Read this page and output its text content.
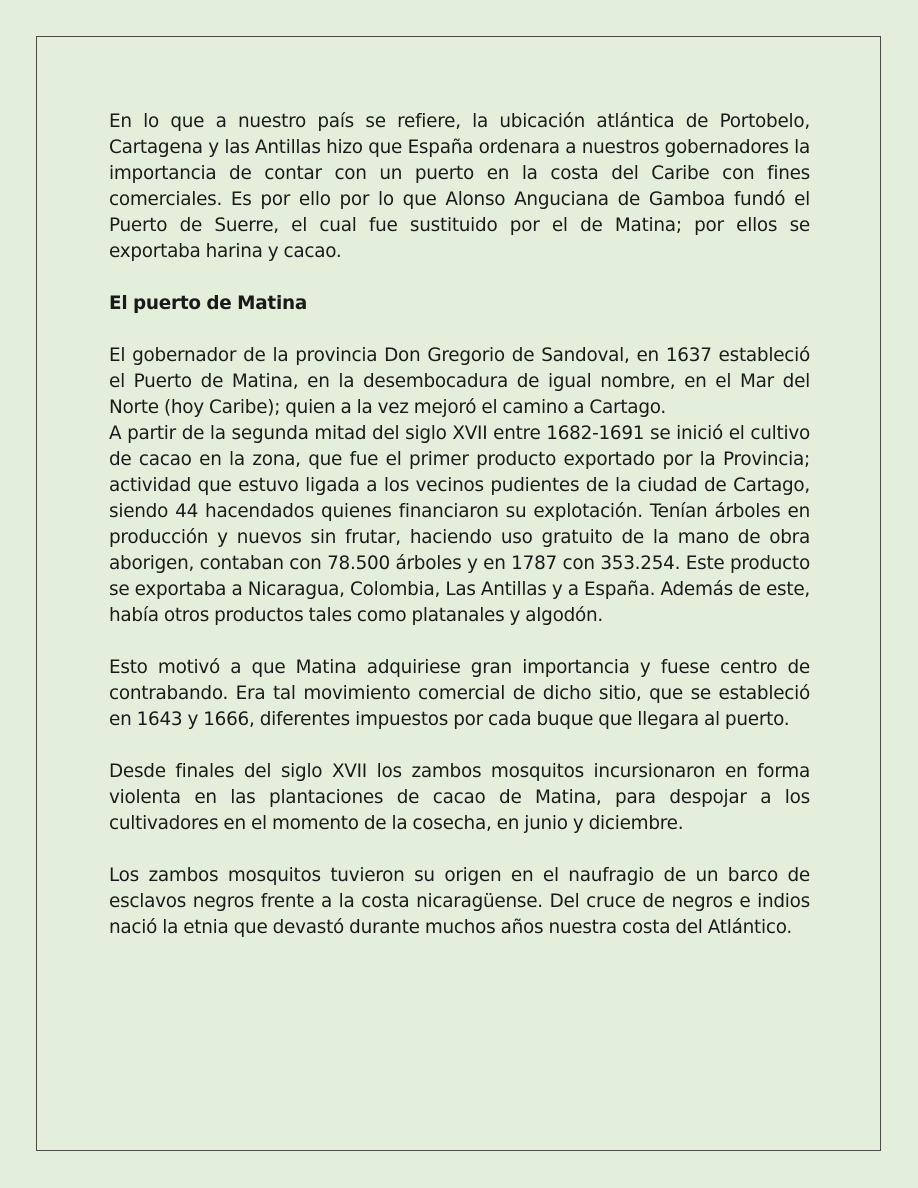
En lo que a nuestro país se refiere, la ubicación atlántica de Portobelo, Cartagena y las Antillas hizo que España ordenara a nuestros gobernadores la importancia de contar con un puerto en la costa del Caribe con fines comerciales. Es por ello por lo que Alonso Anguciana de Gamboa fundó el Puerto de Suerre, el cual fue sustituido por el de Matina; por ellos se exportaba harina y cacao.

El puerto de Matina

El gobernador de la provincia Don Gregorio de Sandoval, en 1637 estableció el Puerto de Matina, en la desembocadura de igual nombre, en el Mar del Norte (hoy Caribe); quien a la vez mejoró el camino a Cartago.

A partir de la segunda mitad del siglo XVII entre 1682-1691 se inició el cultivo de cacao en la zona, que fue el primer producto exportado por la Provincia; actividad que estuvo ligada a los vecinos pudientes de la ciudad de Cartago, siendo 44 hacendados quienes financiaron su explotación. Tenían árboles en producción y nuevos sin frutar, haciendo uso gratuito de la mano de obra aborigen, contaban con 78.500 árboles y en 1787 con 353.254. Este producto se exportaba a Nicaragua, Colombia, Las Antillas y a España. Además de este, había otros productos tales como platanales y algodón.

Esto motivó a que Matina adquiriese gran importancia y fuese centro de contrabando. Era tal movimiento comercial de dicho sitio, que se estableció en 1643 y 1666, diferentes impuestos por cada buque que llegara al puerto.

Desde finales del siglo XVII los zambos mosquitos incursionaron en forma violenta en las plantaciones de cacao de Matina, para despojar a los cultivadores en el momento de la cosecha, en junio y diciembre.

Los zambos mosquitos tuvieron su origen en el naufragio de un barco de esclavos negros frente a la costa nicaragüense. Del cruce de negros e indios nació la etnia que devastó durante muchos años nuestra costa del Atlántico.
